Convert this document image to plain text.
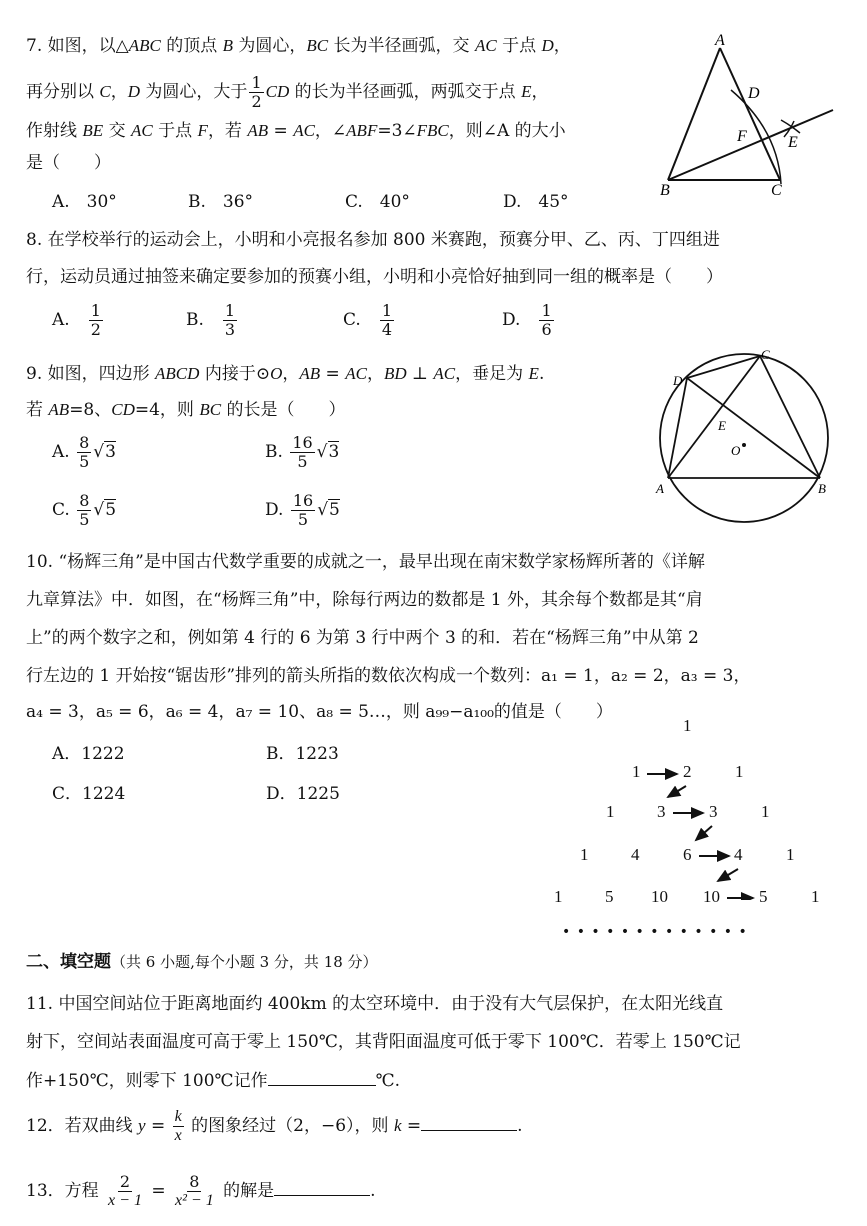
7. 如图，以△ABC 的顶点 B 为圆心，BC 长为半径画弧，交 AC 于点 D，
再分别以 C，D 为圆心，大于 $\frac{1}{2}$ CD 的长为半径画弧，两弧交于点 E，
作射线 BE 交 AC 于点 F，若 AB = AC，∠ABF=3∠FBC，则∠A 的大小
是（　　）
A.　30°	B.　36°	C.　40°	D.　45°
A
B	C
D
E
F
8. 在学校举行的运动会上，小明和小亮报名参加 800 米赛跑，预赛分甲、乙、丙、丁四组进
行，运动员通过抽签来确定要参加的预赛小组，小明和小亮恰好抽到同一组的概率是（　　）
A.　 $\frac{1}{2}$	B.　 $\frac{1}{3}$	C.　 $\frac{1}{4}$	D.　 $\frac{1}{6}$
9. 如图，四边形 ABCD 内接于⊙O，AB = AC，BD ⊥ AC，垂足为 E.
若 AB=8、CD=4，则 BC 的长是（　　）
A. $\frac{8}{5} √3$	B. $\frac{16}{5} √3$
C. $\frac{8}{5} √5$	D. $\frac{16}{5} √5$
C
D
E
O
A	B
10. “杨辉三角”是中国古代数学重要的成就之一，最早出现在南宋数学家杨辉所著的《详解
九章算法》中．如图，在“杨辉三角”中，除每行两边的数都是 1 外，其余每个数都是其“肩
上”的两个数字之和，例如第 4 行的 6 为第 3 行中两个 3 的和．若在“杨辉三角”中从第 2
行左边的 1 开始按“锯齿形”排列的箭头所指的数依次构成一个数列：a₁ = 1，a₂ = 2，a₃ = 3，
a₄ = 3，a₅ = 6，a₆ = 4，a₇ = 10、a₈ = 5…，则 a₉₉−a₁₀₀的值是（　　）
A．1222	B．1223
C．1224	D．1225
1
1	2	1
1	3	3	1
1	4	6	4	1
1	5 10 10 5	1
• • • • • • • • • • • • •
二、填空题（共 6 小题,每个小题 3 分，共 18 分）
11. 中国空间站位于距离地面约 400km 的太空环境中．由于没有大气层保护，在太阳光线直
射下，空间站表面温度可高于零上 150℃，其背阳面温度可低于零下 100℃．若零上 150℃记
作+150℃，则零下 100℃记作	℃.
12．若双曲线 $y = \frac{k}{x}$ 的图象经过（2，−6），则 k =	.
13．方程 $\frac{2}{x - 1} = \frac{8}{\text{x² − 1}}$ 的解是	.
